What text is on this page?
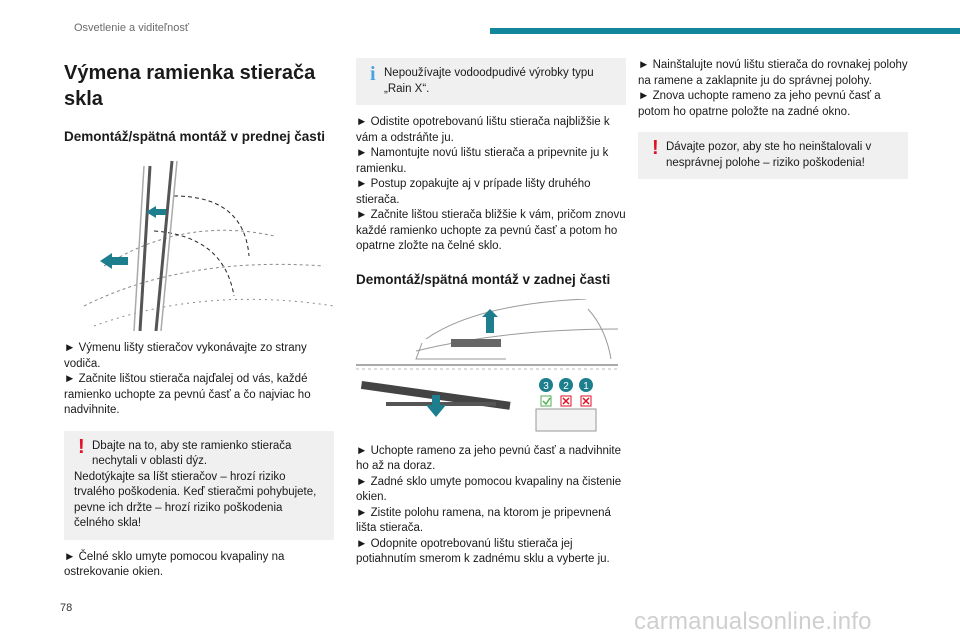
Osvetlenie a viditeľnosť
Výmena ramienka stierača skla
Demontáž/spätná montáž v prednej časti
► Výmenu lišty stieračov vykonávajte zo strany vodiča.
► Začnite lištou stierača najďalej od vás, každé ramienko uchopte za pevnú časť a čo najviac ho nadvihnite.
! Dbajte na to, aby ste ramienko stierača nechytali v oblasti dýz.
Nedotýkajte sa líšt stieračov – hrozí riziko trvalého poškodenia. Keď stieračmi pohybujete, pevne ich držte – hrozí riziko poškodenia čelného skla!
► Čelné sklo umyte pomocou kvapaliny na ostrekovanie okien.
i Nepoužívajte vodoodpudivé výrobky typu „Rain X“.
► Odistite opotrebovanú lištu stierača najbližšie k vám a odstráňte ju.
► Namontujte novú lištu stierača a pripevnite ju k ramienku.
► Postup zopakujte aj v prípade lišty druhého stierača.
► Začnite lištou stierača bližšie k vám, pričom znovu každé ramienko uchopte za pevnú časť a potom ho opatrne zložte na čelné sklo.
Demontáž/spätná montáž v zadnej časti
3 2 1
► Uchopte rameno za jeho pevnú časť a nadvihnite ho až na doraz.
► Zadné sklo umyte pomocou kvapaliny na čistenie okien.
► Zistite polohu ramena, na ktorom je pripevnená lišta stierača.
► Odopnite opotrebovanú lištu stierača jej potiahnutím smerom k zadnému sklu a vyberte ju.
► Nainštalujte novú lištu stierača do rovnakej polohy na ramene a zaklapnite ju do správnej polohy.
► Znova uchopte rameno za jeho pevnú časť a potom ho opatrne položte na zadné okno.
! Dávajte pozor, aby ste ho neinštalovali v nesprávnej polohe – riziko poškodenia!
78	carmanualsonline.info
